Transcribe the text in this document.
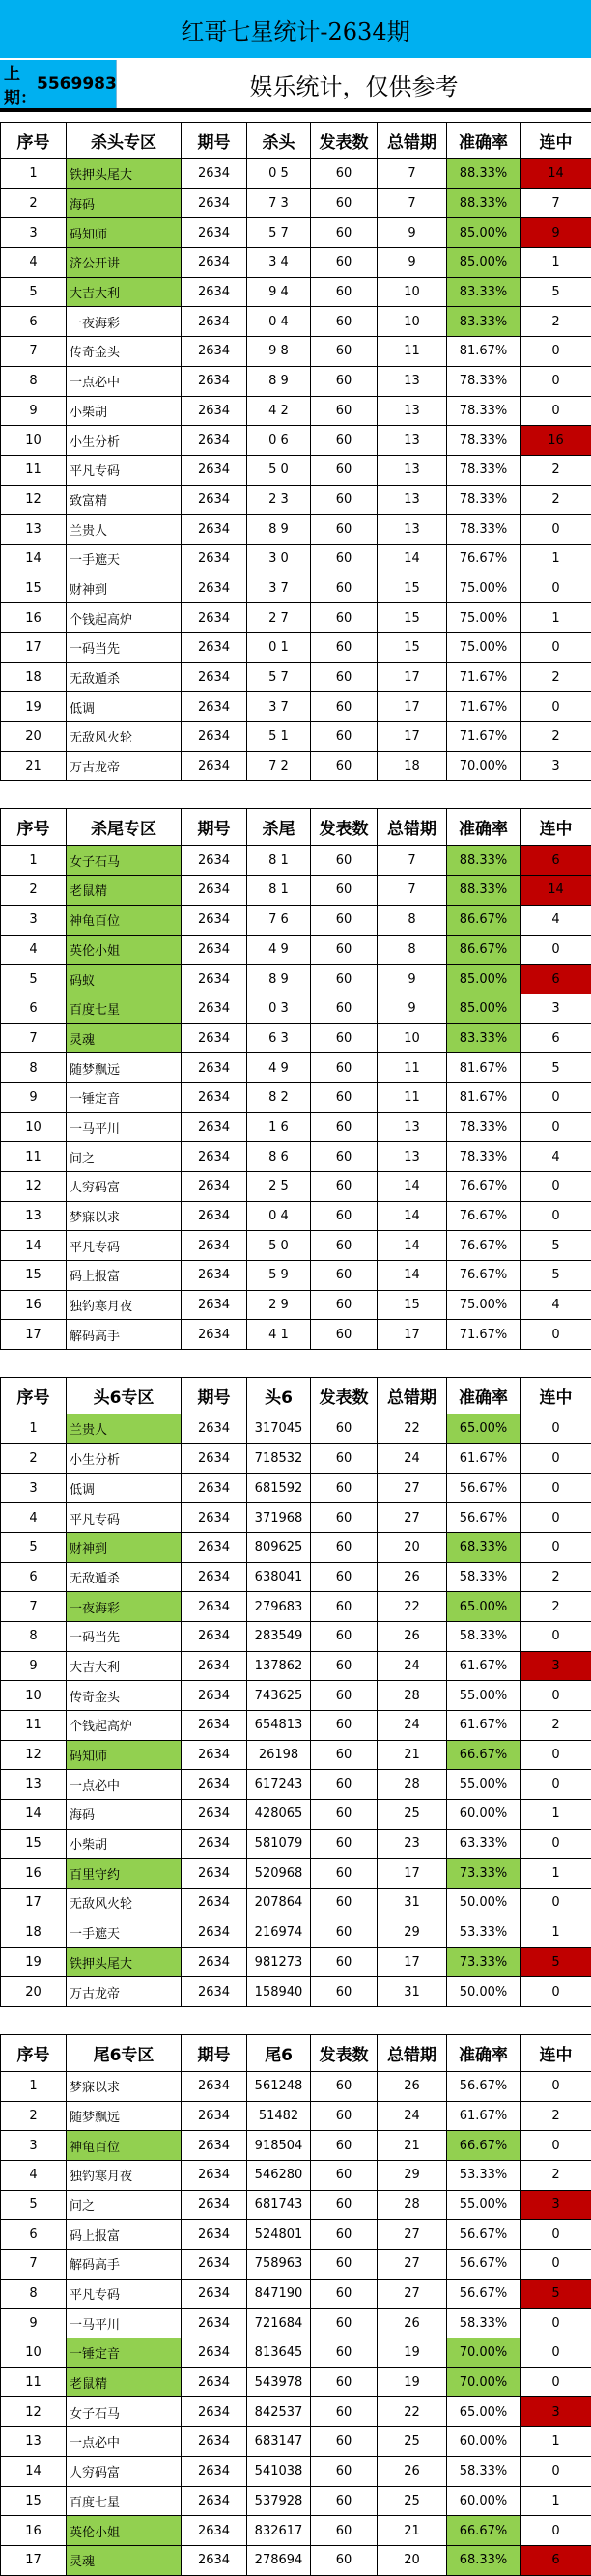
红哥七星统计-2634期
上期：
5569983	娱乐统计，仅供参考
序号	杀头专区	期号	杀头	发表数	总错期	准确率	连中
1	铁押头尾大	2634	0 5	60	7	88.33%	14
2	海码	2634	7 3	60	7	88.33%	7
3	码知师	2634	5 7	60	9	85.00%	9
4	济公开讲	2634	3 4	60	9	85.00%	1
5	大吉大利	2634	9 4	60	10	83.33%	5
6	一夜海彩	2634	0 4	60	10	83.33%	2
7	传奇金头	2634	9 8	60	11	81.67%	0
8	一点必中	2634	8 9	60	13	78.33%	0
9	小柴胡	2634	4 2	60	13	78.33%	0
10	小生分析	2634	0 6	60	13	78.33%	16
11	平凡专码	2634	5 0	60	13	78.33%	2
12	致富精	2634	2 3	60	13	78.33%	2
13	兰贵人	2634	8 9	60	13	78.33%	0
14	一手遮天	2634	3 0	60	14	76.67%	1
15	财神到	2634	3 7	60	15	75.00%	0
16	个钱起高炉	2634	2 7	60	15	75.00%	1
17	一码当先	2634	0 1	60	15	75.00%	0
18	无敌遁杀	2634	5 7	60	17	71.67%	2
19	低调	2634	3 7	60	17	71.67%	0
20	无敌风火轮	2634	5 1	60	17	71.67%	2
21	万古龙帝	2634	7 2	60	18	70.00%	3
序号	杀尾专区	期号	杀尾	发表数	总错期	准确率	连中
1	女子石马	2634	8 1	60	7	88.33%	6
2	老鼠精	2634	8 1	60	7	88.33%	14
3	神龟百位	2634	7 6	60	8	86.67%	4
4	英伦小姐	2634	4 9	60	8	86.67%	0
5	码蚁	2634	8 9	60	9	85.00%	6
6	百度七星	2634	0 3	60	9	85.00%	3
7	灵魂	2634	6 3	60	10	83.33%	6
8	随梦飘远	2634	4 9	60	11	81.67%	5
9	一锤定音	2634	8 2	60	11	81.67%	0
10	一马平川	2634	1 6	60	13	78.33%	0
11	问之	2634	8 6	60	13	78.33%	4
12	人穷码富	2634	2 5	60	14	76.67%	0
13	梦寐以求	2634	0 4	60	14	76.67%	0
14	平凡专码	2634	5 0	60	14	76.67%	5
15	码上报富	2634	5 9	60	14	76.67%	5
16	独钓寒月夜	2634	2 9	60	15	75.00%	4
17	解码高手	2634	4 1	60	17	71.67%	0
序号	头6专区	期号	头6	发表数	总错期	准确率	连中
1	兰贵人	2634	317045	60	22	65.00%	0
2	小生分析	2634	718532	60	24	61.67%	0
3	低调	2634	681592	60	27	56.67%	0
4	平凡专码	2634	371968	60	27	56.67%	0
5	财神到	2634	809625	60	20	68.33%	0
6	无敌遁杀	2634	638041	60	26	58.33%	2
7	一夜海彩	2634	279683	60	22	65.00%	2
8	一码当先	2634	283549	60	26	58.33%	0
9	大吉大利	2634	137862	60	24	61.67%	3
10	传奇金头	2634	743625	60	28	55.00%	0
11	个钱起高炉	2634	654813	60	24	61.67%	2
12	码知师	2634	26198	60	21	66.67%	0
13	一点必中	2634	617243	60	28	55.00%	0
14	海码	2634	428065	60	25	60.00%	1
15	小柴胡	2634	581079	60	23	63.33%	0
16	百里守约	2634	520968	60	17	73.33%	1
17	无敌风火轮	2634	207864	60	31	50.00%	0
18	一手遮天	2634	216974	60	29	53.33%	1
19	铁押头尾大	2634	981273	60	17	73.33%	5
20	万古龙帝	2634	158940	60	31	50.00%	0
序号	尾6专区	期号	尾6	发表数	总错期	准确率	连中
1	梦寐以求	2634	561248	60	26	56.67%	0
2	随梦飘远	2634	51482	60	24	61.67%	2
3	神龟百位	2634	918504	60	21	66.67%	0
4	独钓寒月夜	2634	546280	60	29	53.33%	2
5	问之	2634	681743	60	28	55.00%	3
6	码上报富	2634	524801	60	27	56.67%	0
7	解码高手	2634	758963	60	27	56.67%	0
8	平凡专码	2634	847190	60	27	56.67%	5
9	一马平川	2634	721684	60	26	58.33%	0
10	一锤定音	2634	813645	60	19	70.00%	0
11	老鼠精	2634	543978	60	19	70.00%	0
12	女子石马	2634	842537	60	22	65.00%	3
13	一点必中	2634	683147	60	25	60.00%	1
14	人穷码富	2634	541038	60	26	58.33%	0
15	百度七星	2634	537928	60	25	60.00%	1
16	英伦小姐	2634	832617	60	21	66.67%	0
17	灵魂	2634	278694	60	20	68.33%	6
